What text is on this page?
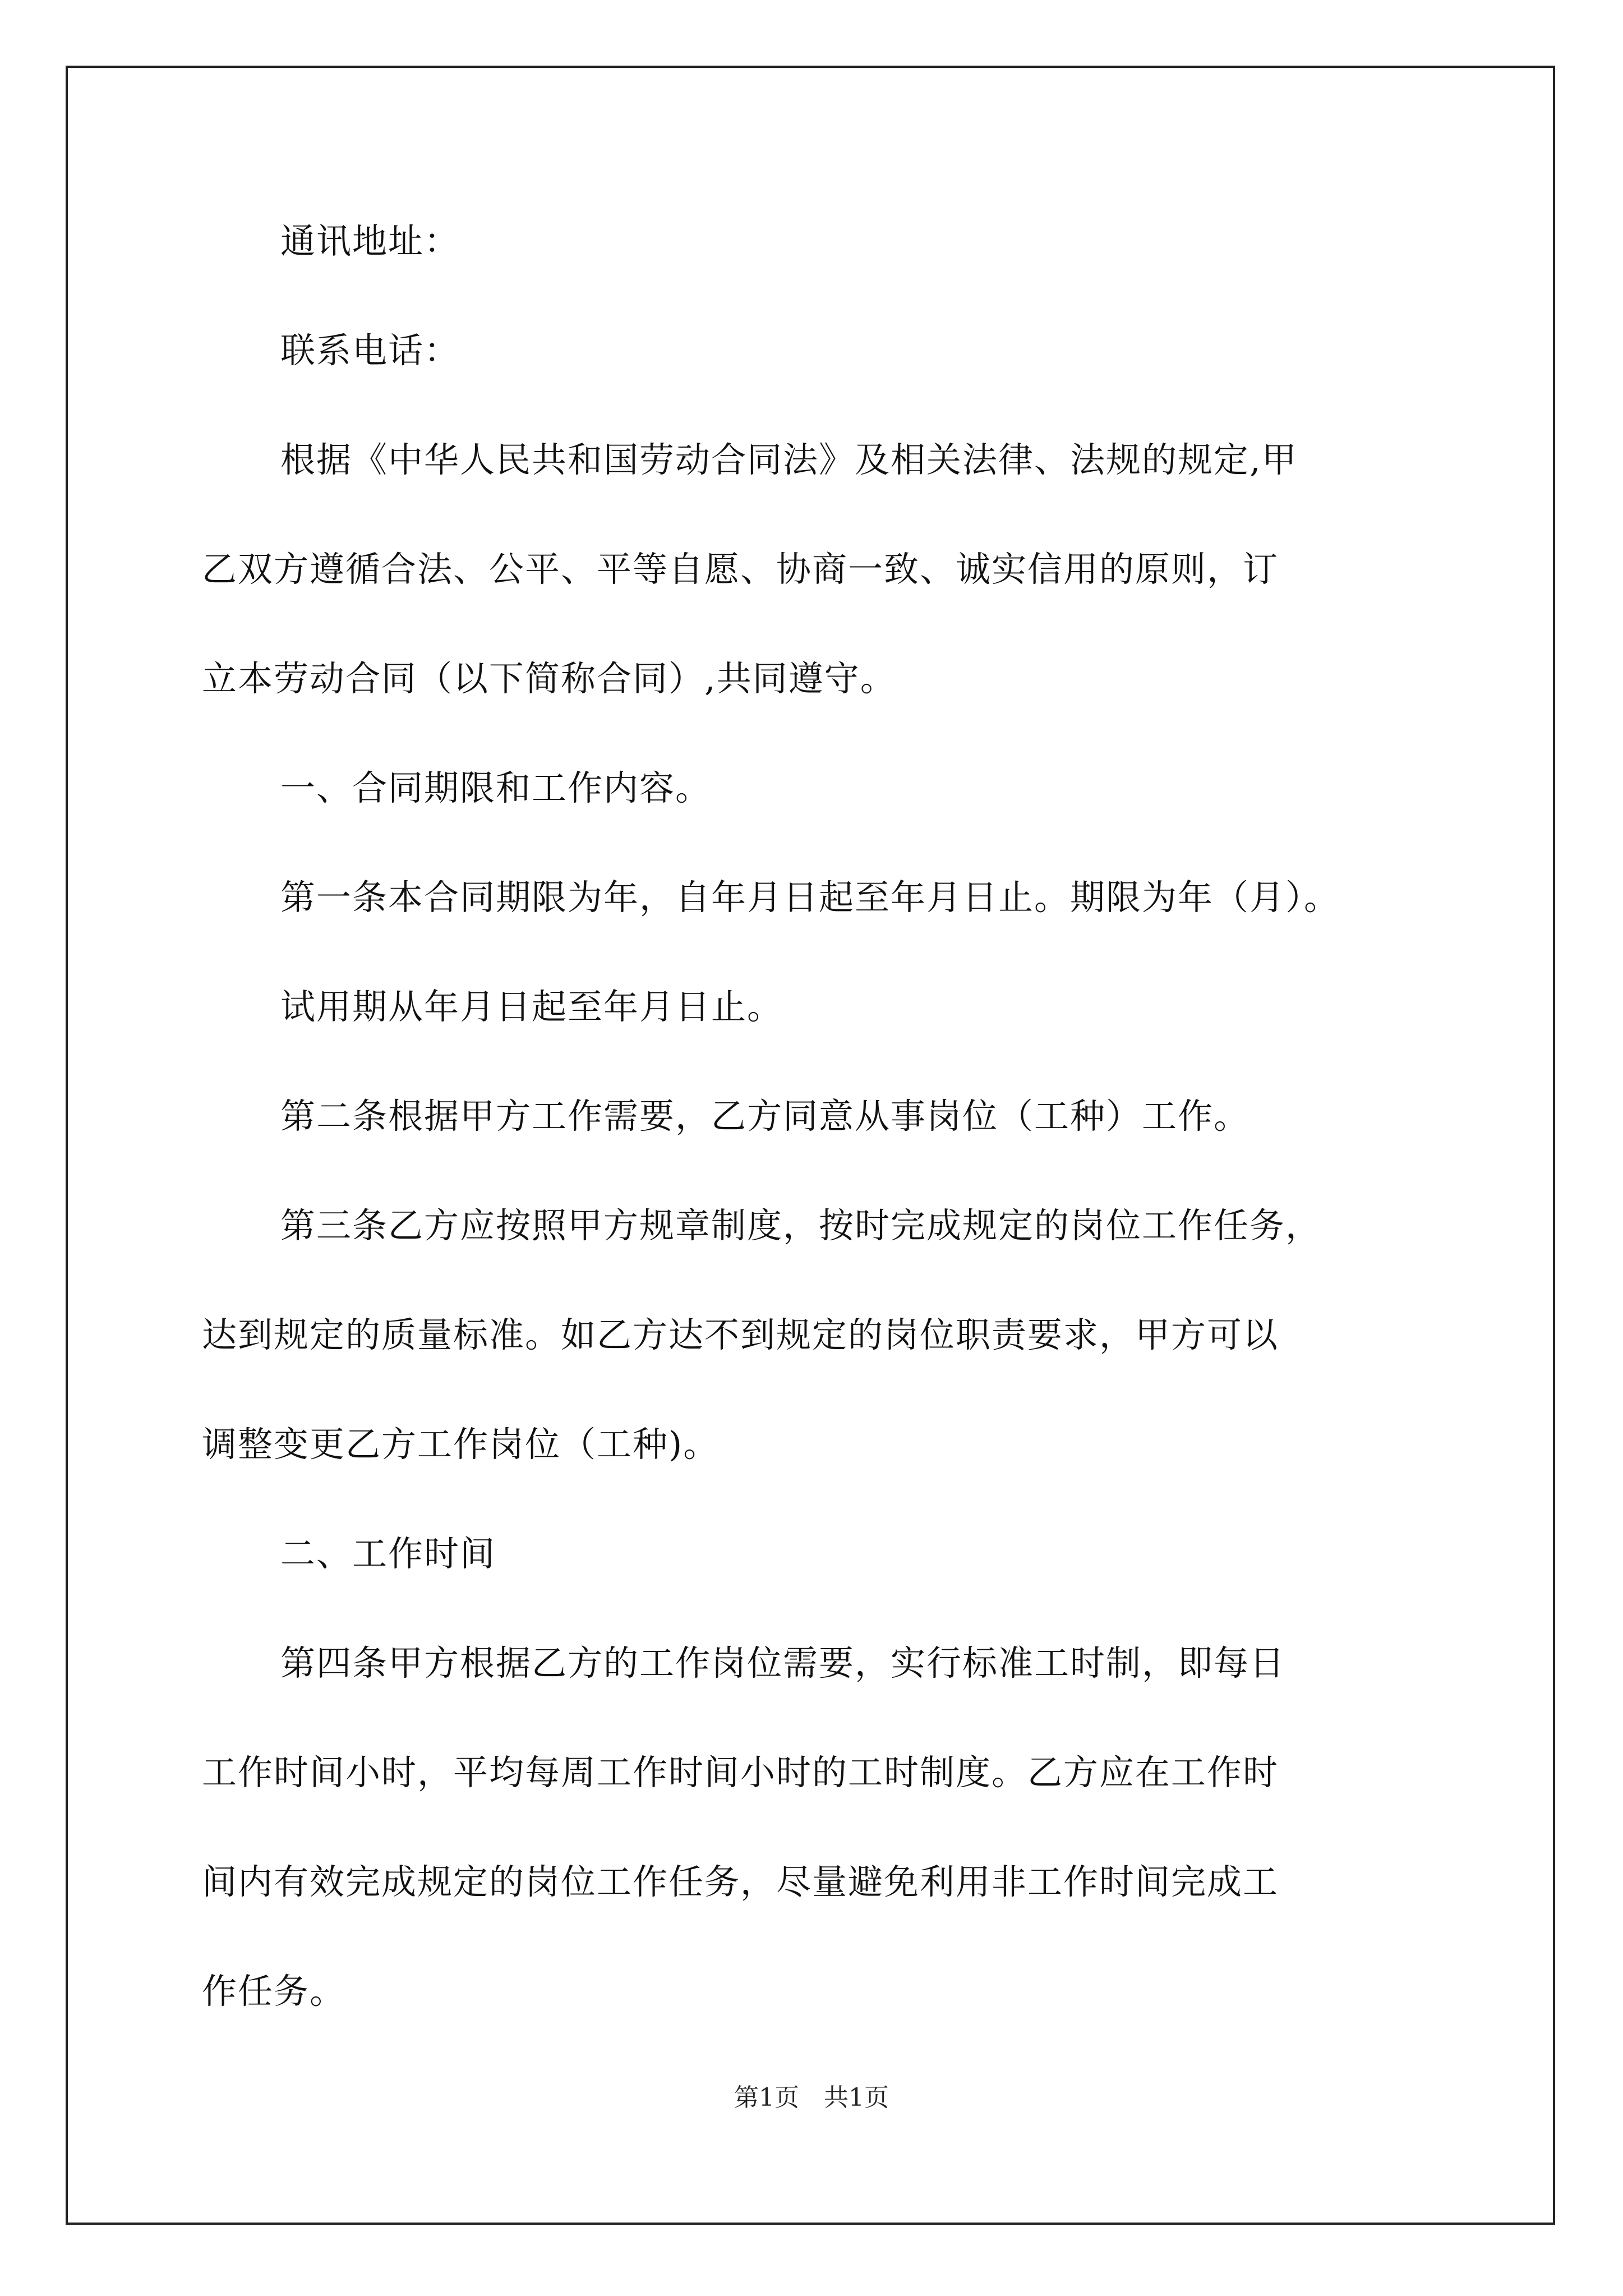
通讯地址：
联系电话：
根据《中华人民共和国劳动合同法》及相关法律、法规的规定,甲
乙双方遵循合法、公平、平等自愿、协商一致、诚实信用的原则，订
立本劳动合同（以下简称合同）,共同遵守。
一、合同期限和工作内容。
第一条本合同期限为年，自年月日起至年月日止。期限为年（月）。
试用期从年月日起至年月日止。
第二条根据甲方工作需要，乙方同意从事岗位（工种）工作。
第三条乙方应按照甲方规章制度，按时完成规定的岗位工作任务，
达到规定的质量标准。如乙方达不到规定的岗位职责要求，甲方可以
调整变更乙方工作岗位（工种)。
二、工作时间
第四条甲方根据乙方的工作岗位需要，实行标准工时制，即每日
工作时间小时，平均每周工作时间小时的工时制度。乙方应在工作时
间内有效完成规定的岗位工作任务，尽量避免利用非工作时间完成工
作任务。
第1页　共1页
